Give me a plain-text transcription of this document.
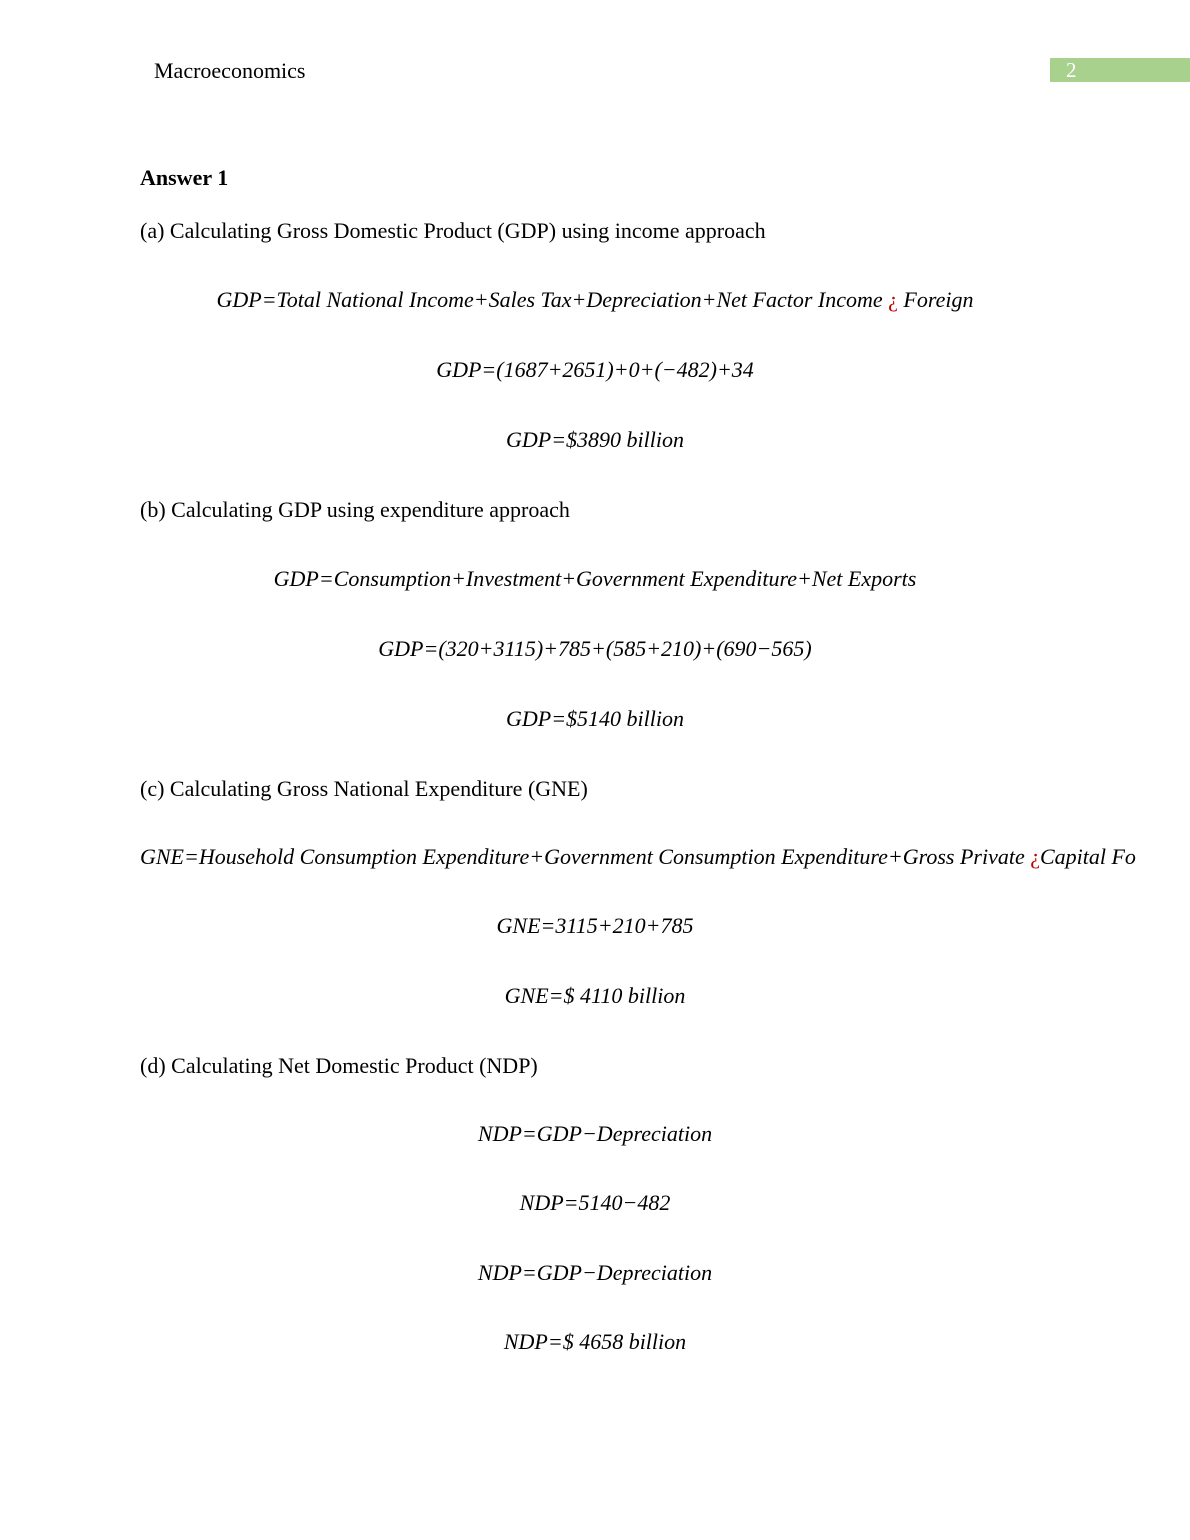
Macroeconomics	2
Answer 1
(a) Calculating Gross Domestic Product (GDP) using income approach
GDP=Total National Income+Sales Tax+Depreciation+Net Factor Income ¿ Foreign
GDP=(1687+2651)+0+(−482)+34
GDP=$3890 billion
(b) Calculating GDP using expenditure approach
GDP=Consumption+Investment+Government Expenditure+Net Exports
GDP=(320+3115)+785+(585+210)+(690−565)
GDP=$5140 billion
(c) Calculating Gross National Expenditure (GNE)
GNE=Household Consumption Expenditure+Government Consumption Expenditure+Gross Private ¿Capital Fo
GNE=3115+210+785
GNE=$ 4110 billion
(d) Calculating Net Domestic Product (NDP)
NDP=GDP−Depreciation
NDP=5140−482
NDP=GDP−Depreciation
NDP=$ 4658 billion
